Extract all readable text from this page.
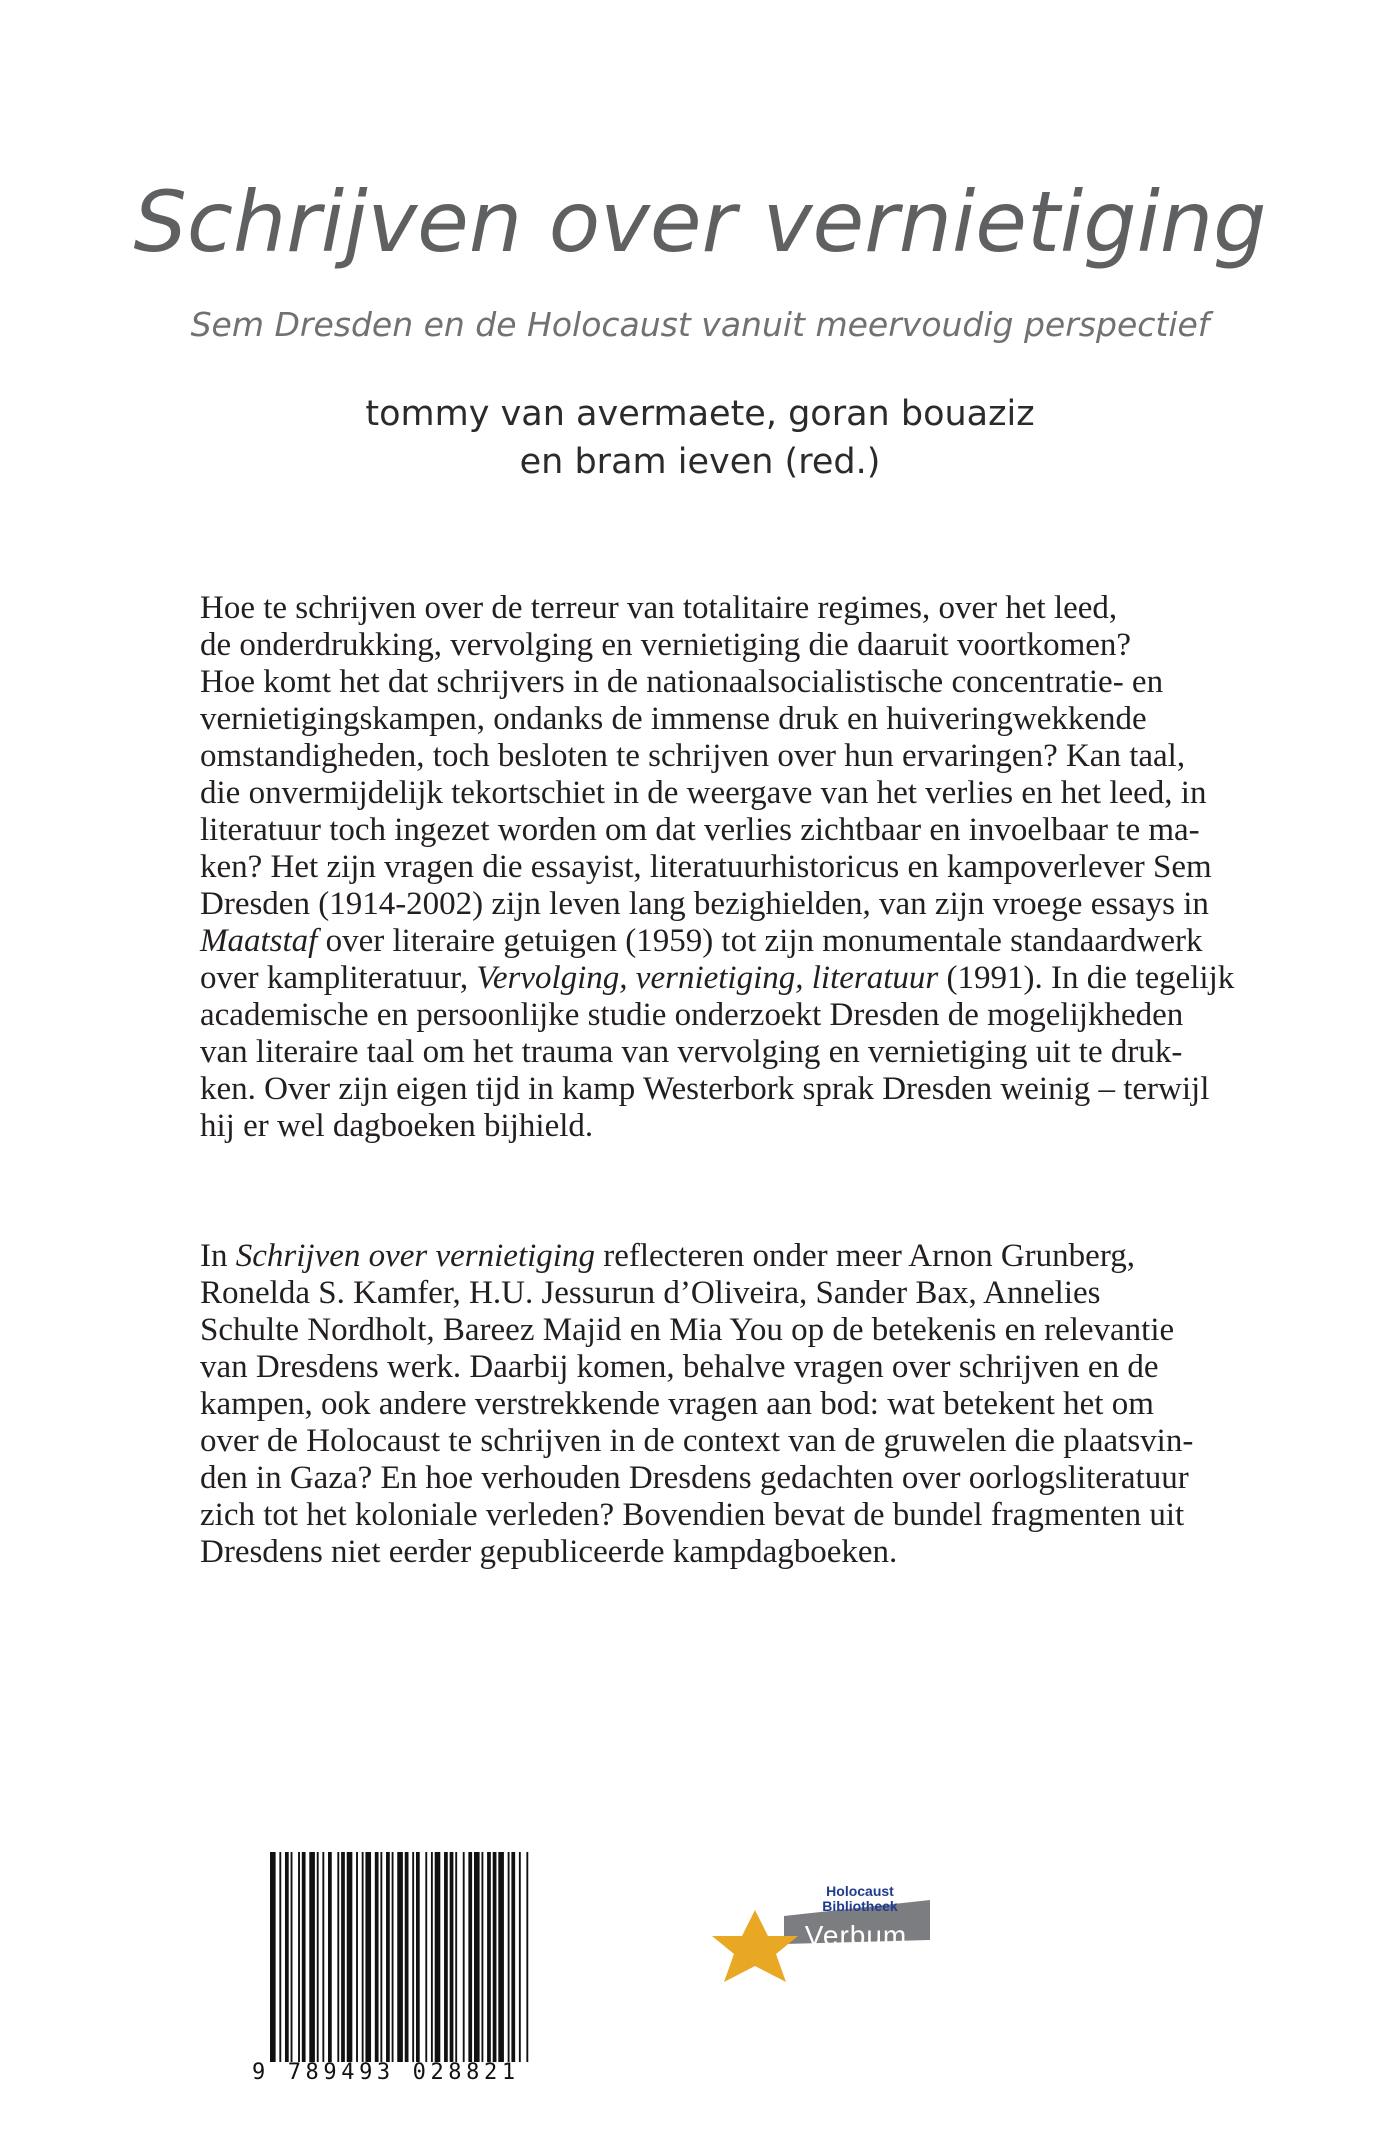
Schrijven over vernietiging
Sem Dresden en de Holocaust vanuit meervoudig perspectief
tommy van avermaete, goran bouaziz
en bram ieven (red.)
Hoe te schrijven over de terreur van totalitaire regimes, over het leed,
de onderdrukking, vervolging en vernietiging die daaruit voortkomen?
Hoe komt het dat schrijvers in de nationaalsocialistische concentratie- en
vernietigingskampen, ondanks de immense druk en huiveringwekkende
omstandigheden, toch besloten te schrijven over hun ervaringen? Kan taal,
die onvermijdelijk tekortschiet in de weergave van het verlies en het leed, in
literatuur toch ingezet worden om dat verlies zichtbaar en invoelbaar te ma-
ken? Het zijn vragen die essayist, literatuurhistoricus en kampoverlever Sem
Dresden (1914-2002) zijn leven lang bezighielden, van zijn vroege essays in
Maatstaf over literaire getuigen (1959) tot zijn monumentale standaardwerk
over kampliteratuur, Vervolging, vernietiging, literatuur (1991). In die tegelijk
academische en persoonlijke studie onderzoekt Dresden de mogelijkheden
van literaire taal om het trauma van vervolging en vernietiging uit te druk-
ken. Over zijn eigen tijd in kamp Westerbork sprak Dresden weinig – terwijl
hij er wel dagboeken bijhield.
In Schrijven over vernietiging reflecteren onder meer Arnon Grunberg,
Ronelda S. Kamfer, H.U. Jessurun d’Oliveira, Sander Bax, Annelies
Schulte Nordholt, Bareez Majid en Mia You op de betekenis en relevantie
van Dresdens werk. Daarbij komen, behalve vragen over schrijven en de
kampen, ook andere verstrekkende vragen aan bod: wat betekent het om
over de Holocaust te schrijven in de context van de gruwelen die plaatsvin-
den in Gaza? En hoe verhouden Dresdens gedachten over oorlogsliteratuur
zich tot het koloniale verleden? Bovendien bevat de bundel fragmenten uit
Dresdens niet eerder gepubliceerde kampdagboeken.
9 789493 028821
Holocaust
Bibliotheek
Verbum
